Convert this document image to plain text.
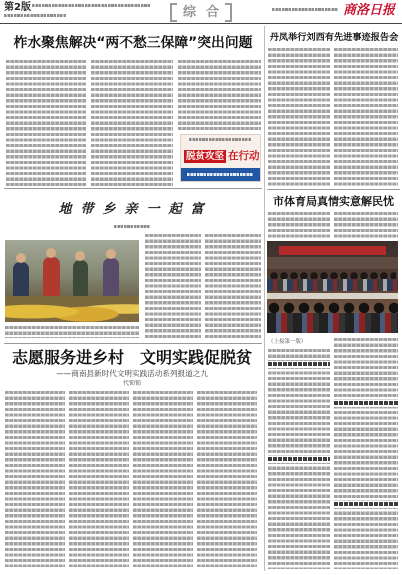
第2版	综合	商洛日报
柞水聚焦解决“两不愁三保障”突出问题
脱贫攻坚 在行动
地带乡亲一起富
志愿服务进乡村　文明实践促脱贫
——商南县新时代文明实践活动系列报道之九
代锁锁
丹凤举行刘西有先进事迹报告会
市体育局真情实意解民忧
（上接第一版）
